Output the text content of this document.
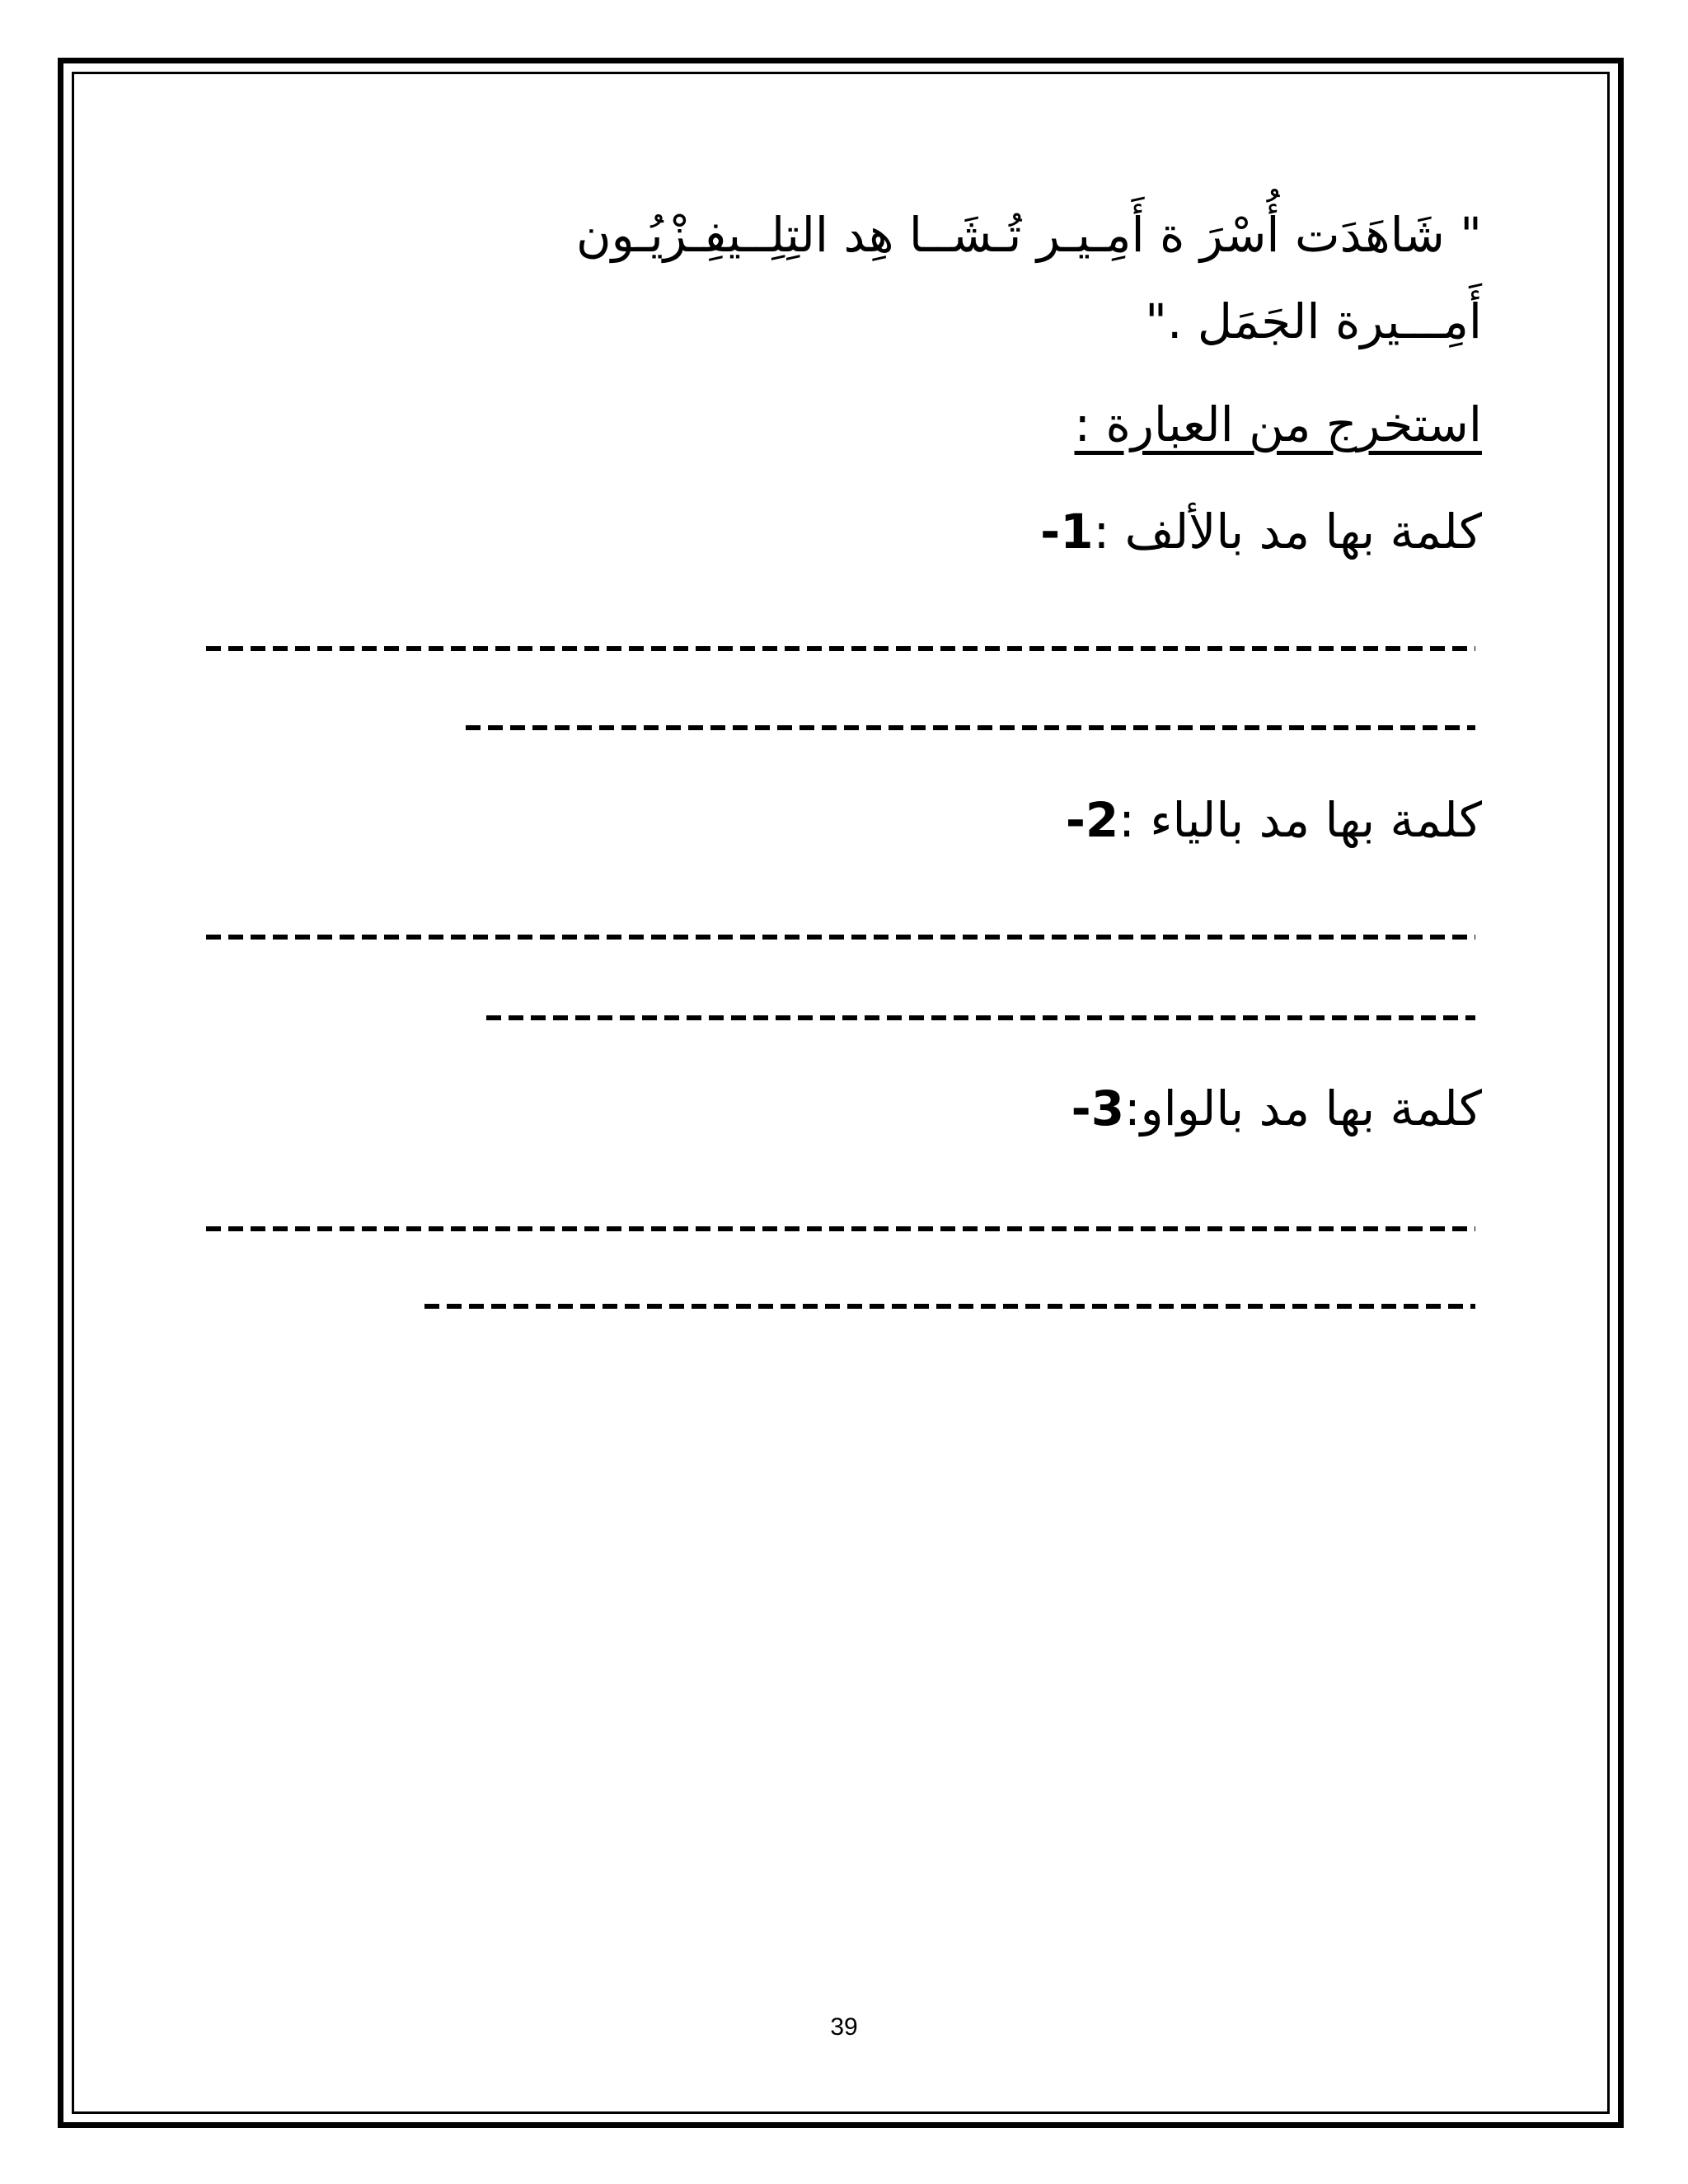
" شَاهَدَت أُسْرَ ة أَمِـيـر تُـشَــا هِد التِلِــيفِـزْيُـون
أَمِـــيرة الجَمَل ."
استخرج من العبارة :
كلمة بها مد بالألف :1-
كلمة بها مد بالياء :2-
كلمة بها مد بالواو:3-
39
